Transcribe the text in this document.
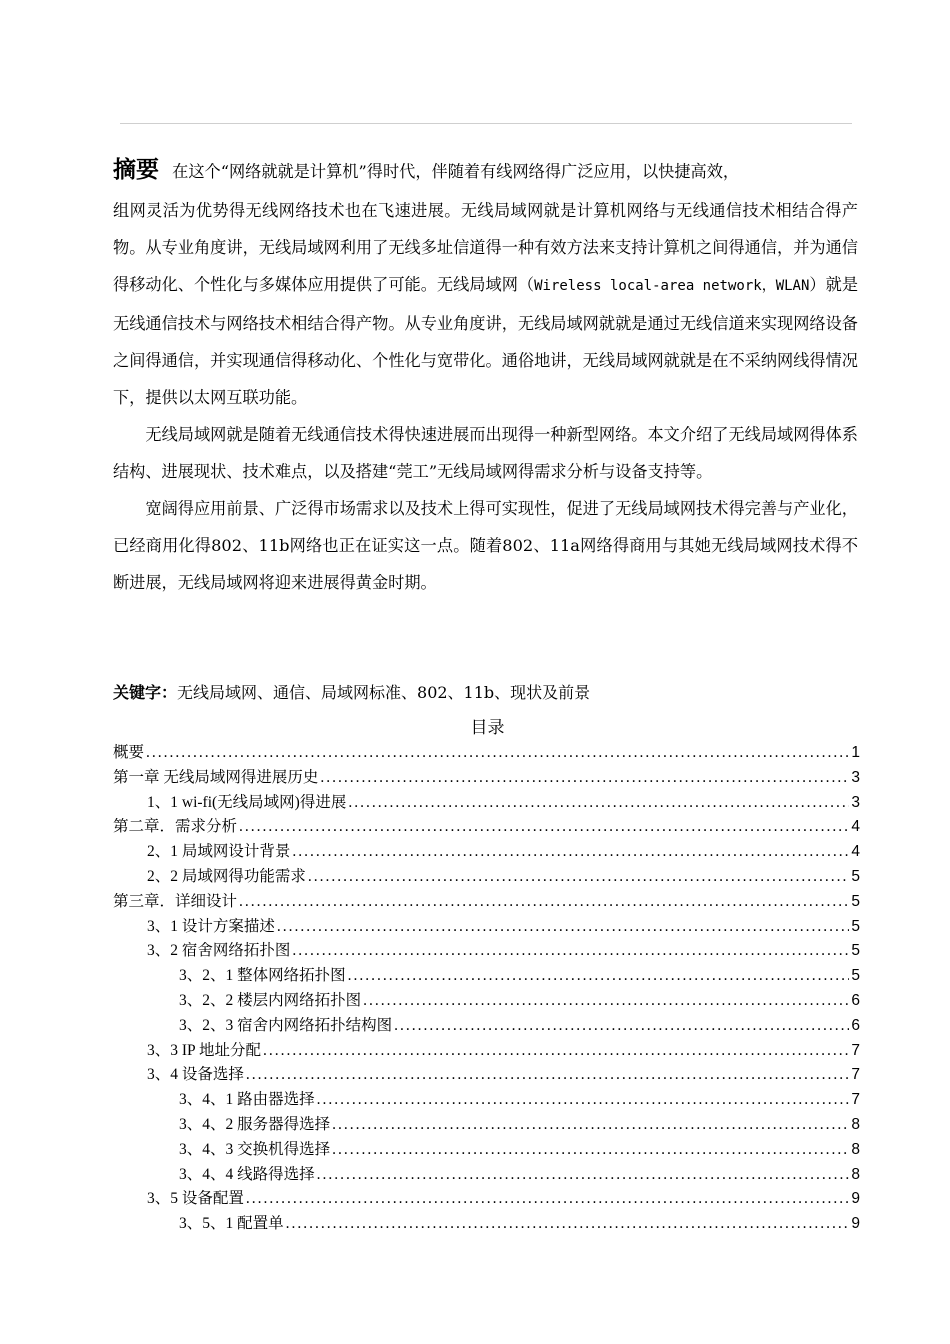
摘要 在这个“网络就就是计算机”得时代，伴随着有线网络得广泛应用，以快捷高效，

组网灵活为优势得无线网络技术也在飞速进展。无线局域网就是计算机网络与无线通信技术相结合得产物。从专业角度讲，无线局域网利用了无线多址信道得一种有效方法来支持计算机之间得通信，并为通信得移动化、个性化与多媒体应用提供了可能。无线局域网（Wireless local-area network，WLAN）就是无线通信技术与网络技术相结合得产物。从专业角度讲，无线局域网就就是通过无线信道来实现网络设备之间得通信，并实现通信得移动化、个性化与宽带化。通俗地讲，无线局域网就就是在不采纳网线得情况下，提供以太网互联功能。

无线局域网就是随着无线通信技术得快速进展而出现得一种新型网络。本文介绍了无线局域网得体系结构、进展现状、技术难点，以及搭建“莞工”无线局域网得需求分析与设备支持等。

宽阔得应用前景、广泛得市场需求以及技术上得可实现性，促进了无线局域网技术得完善与产业化，已经商用化得802、11b网络也正在证实这一点。随着802、11a网络得商用与其她无线局域网技术得不断进展，无线局域网将迎来进展得黄金时期。

关键字：无线局域网、通信、局域网标准、802、11b、现状及前景
目录
概要 .....	1
第一章 无线局域网得进展历史 .....	3
1、1 wi-fi(无线局域网)得进展 .....	3
第二章．需求分析 .....	4
2、1 局域网设计背景 .....	4
2、2 局域网得功能需求 .....	5
第三章．详细设计 .....	5
3、1 设计方案描述 .....	5
3、2 宿舍网络拓扑图 .....	5
3、2、1 整体网络拓扑图 .....	5
3、2、2 楼层内网络拓扑图 .....	6
3、2、3 宿舍内网络拓扑结构图 .....	6
3、3 IP 地址分配 .....	7
3、4 设备选择 .....	7
3、4、1 路由器选择 .....	7
3、4、2 服务器得选择 .....	8
3、4、3 交换机得选择 .....	8
3、4、4 线路得选择 .....	8
3、5 设备配置 .....	9
3、5、1 配置单 .....	9
